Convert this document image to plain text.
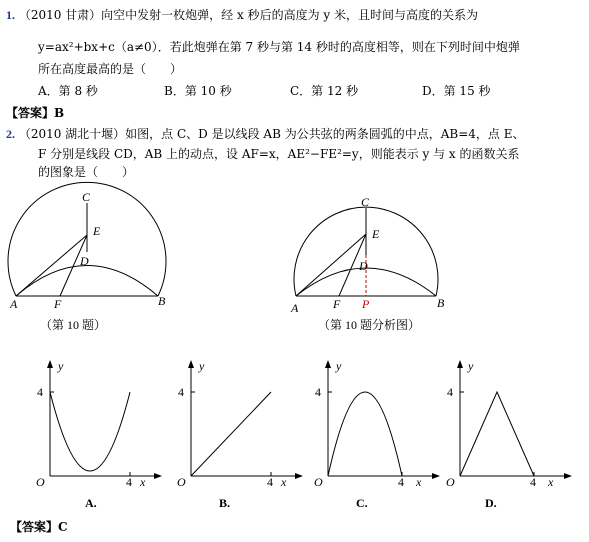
1. （2010 甘肃）向空中发射一枚炮弹，经 x 秒后的高度为 y 米，且时间与高度的关系为
y=ax²+bx+c（a≠0）．若此炮弹在第 7 秒与第 14 秒时的高度相等，则在下列时间中炮弹
所在高度最高的是（　　）
A．第 8 秒	B．第 10 秒	C．第 12 秒	D．第 15 秒
【答案】B
2. （2010 湖北十堰）如图，点 C、D 是以线段 AB 为公共弦的两条圆弧的中点，AB=4，点 E、
F 分别是线段 CD，AB 上的动点，设 AF=x，AE²−FE²=y，则能表示 y 与 x 的函数关系
的图象是（　　）
C
E
D
A	F	B
（第 10 题）
C
E
D
A	F P	B
（第 10 题分析图）
y
4
O	4 x
A.
y
4
O	4 x
B.
y
4
O	4 x
C.
y
4
O	4 x
D.
【答案】C
